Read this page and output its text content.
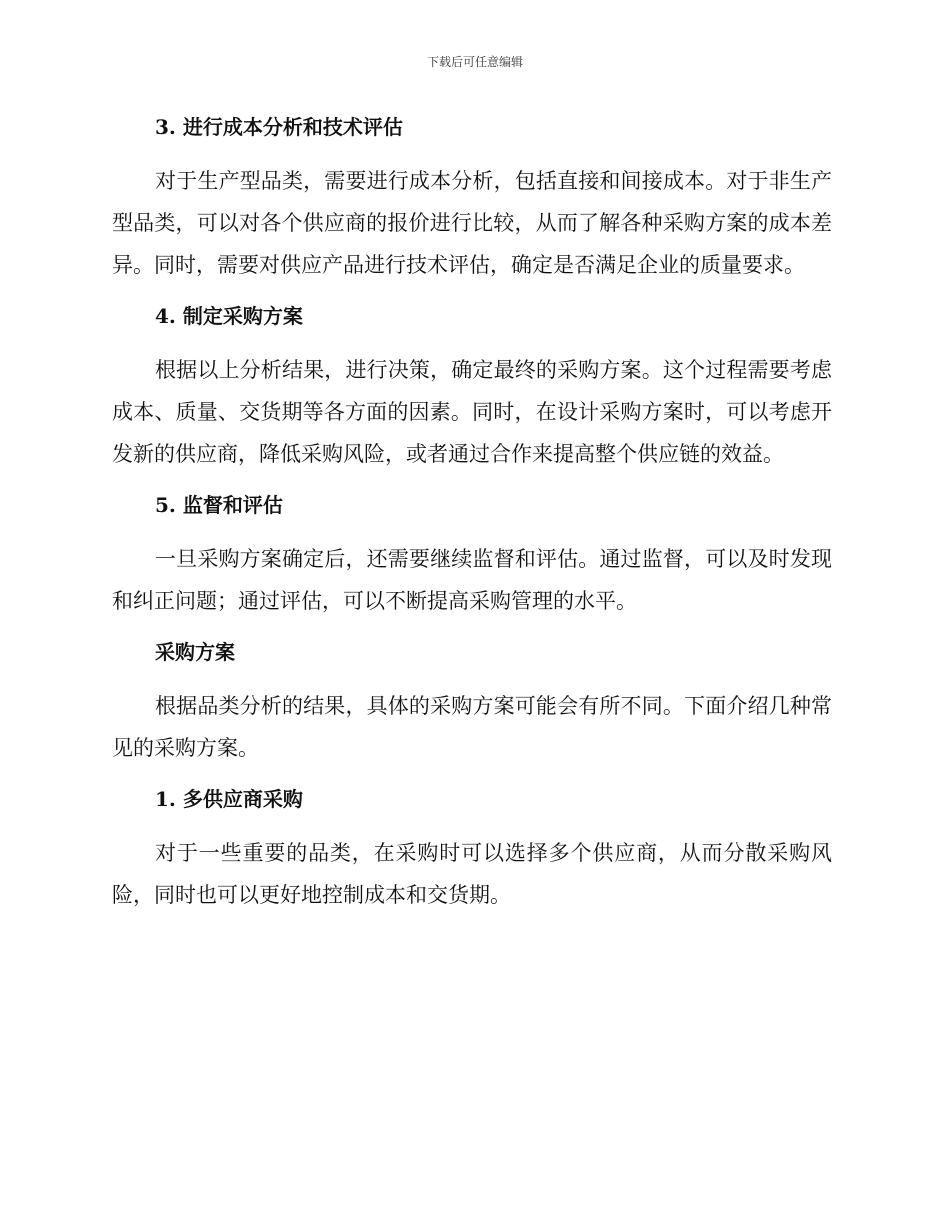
下载后可任意编辑
3. 进行成本分析和技术评估
对于生产型品类，需要进行成本分析，包括直接和间接成本。对于非生产型品类，可以对各个供应商的报价进行比较，从而了解各种采购方案的成本差异。同时，需要对供应产品进行技术评估，确定是否满足企业的质量要求。
4. 制定采购方案
根据以上分析结果，进行决策，确定最终的采购方案。这个过程需要考虑成本、质量、交货期等各方面的因素。同时，在设计采购方案时，可以考虑开发新的供应商，降低采购风险，或者通过合作来提高整个供应链的效益。
5. 监督和评估
一旦采购方案确定后，还需要继续监督和评估。通过监督，可以及时发现和纠正问题；通过评估，可以不断提高采购管理的水平。
采购方案
根据品类分析的结果，具体的采购方案可能会有所不同。下面介绍几种常见的采购方案。
1. 多供应商采购
对于一些重要的品类，在采购时可以选择多个供应商，从而分散采购风险，同时也可以更好地控制成本和交货期。
